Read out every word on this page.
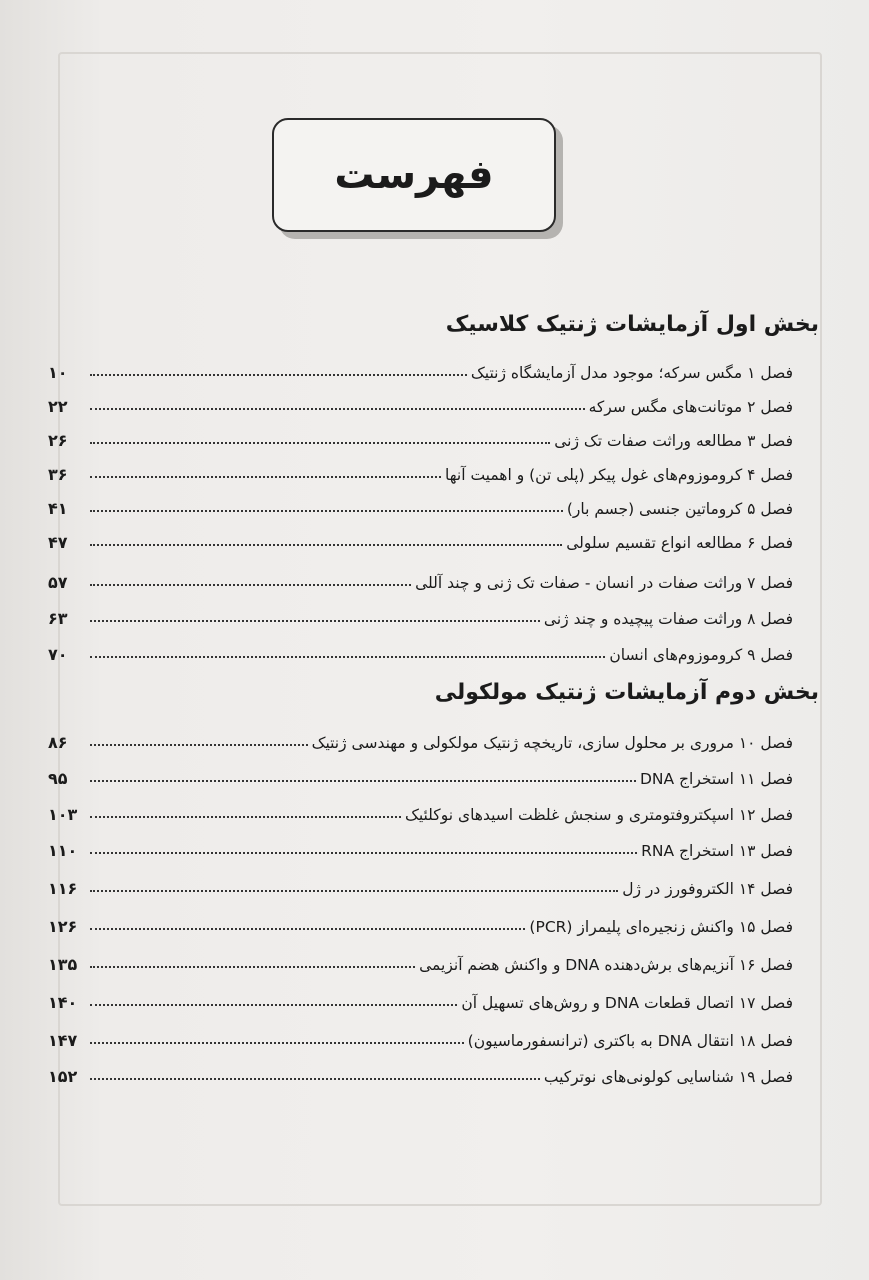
فهرست
بخش اول آزمایشات ژنتیک کلاسیک
فصل ۱ مگس سرکه؛ موجود مدل آزمایشگاه ژنتیک
۱۰
فصل ۲ موتانت‌های مگس سرکه
۲۲
فصل ۳ مطالعه وراثت صفات تک ژنی
۲۶
فصل ۴ کروموزوم‌های غول پیکر (پلی تن) و اهمیت آنها
۳۶
فصل ۵ کروماتین جنسی (جسم بار)
۴۱
فصل ۶ مطالعه انواع تقسیم سلولی
۴۷
فصل ۷ وراثت صفات در انسان - صفات تک ژنی و چند آللی
۵۷
فصل ۸ وراثت صفات پیچیده و چند ژنی
۶۳
فصل ۹ کروموزوم‌های انسان
۷۰
بخش دوم آزمایشات ژنتیک مولکولی
فصل ۱۰ مروری بر محلول سازی، تاریخچه ژنتیک مولکولی و مهندسی ژنتیک
۸۶
فصل ۱۱ استخراج DNA
۹۵
فصل ۱۲ اسپکتروفتومتری و سنجش غلظت اسیدهای نوکلئیک
۱۰۳
فصل ۱۳ استخراج RNA
۱۱۰
فصل ۱۴ الکتروفورز در ژل
۱۱۶
فصل ۱۵ واکنش زنجیره‌ای پلیمراز (PCR)
۱۲۶
فصل ۱۶ آنزیم‌های برش‌دهنده DNA و واکنش هضم آنزیمی
۱۳۵
فصل ۱۷ اتصال قطعات DNA و روش‌های تسهیل آن
۱۴۰
فصل ۱۸ انتقال DNA به باکتری (ترانسفورماسیون)
۱۴۷
فصل ۱۹ شناسایی کولونی‌های نوترکیب
۱۵۲
